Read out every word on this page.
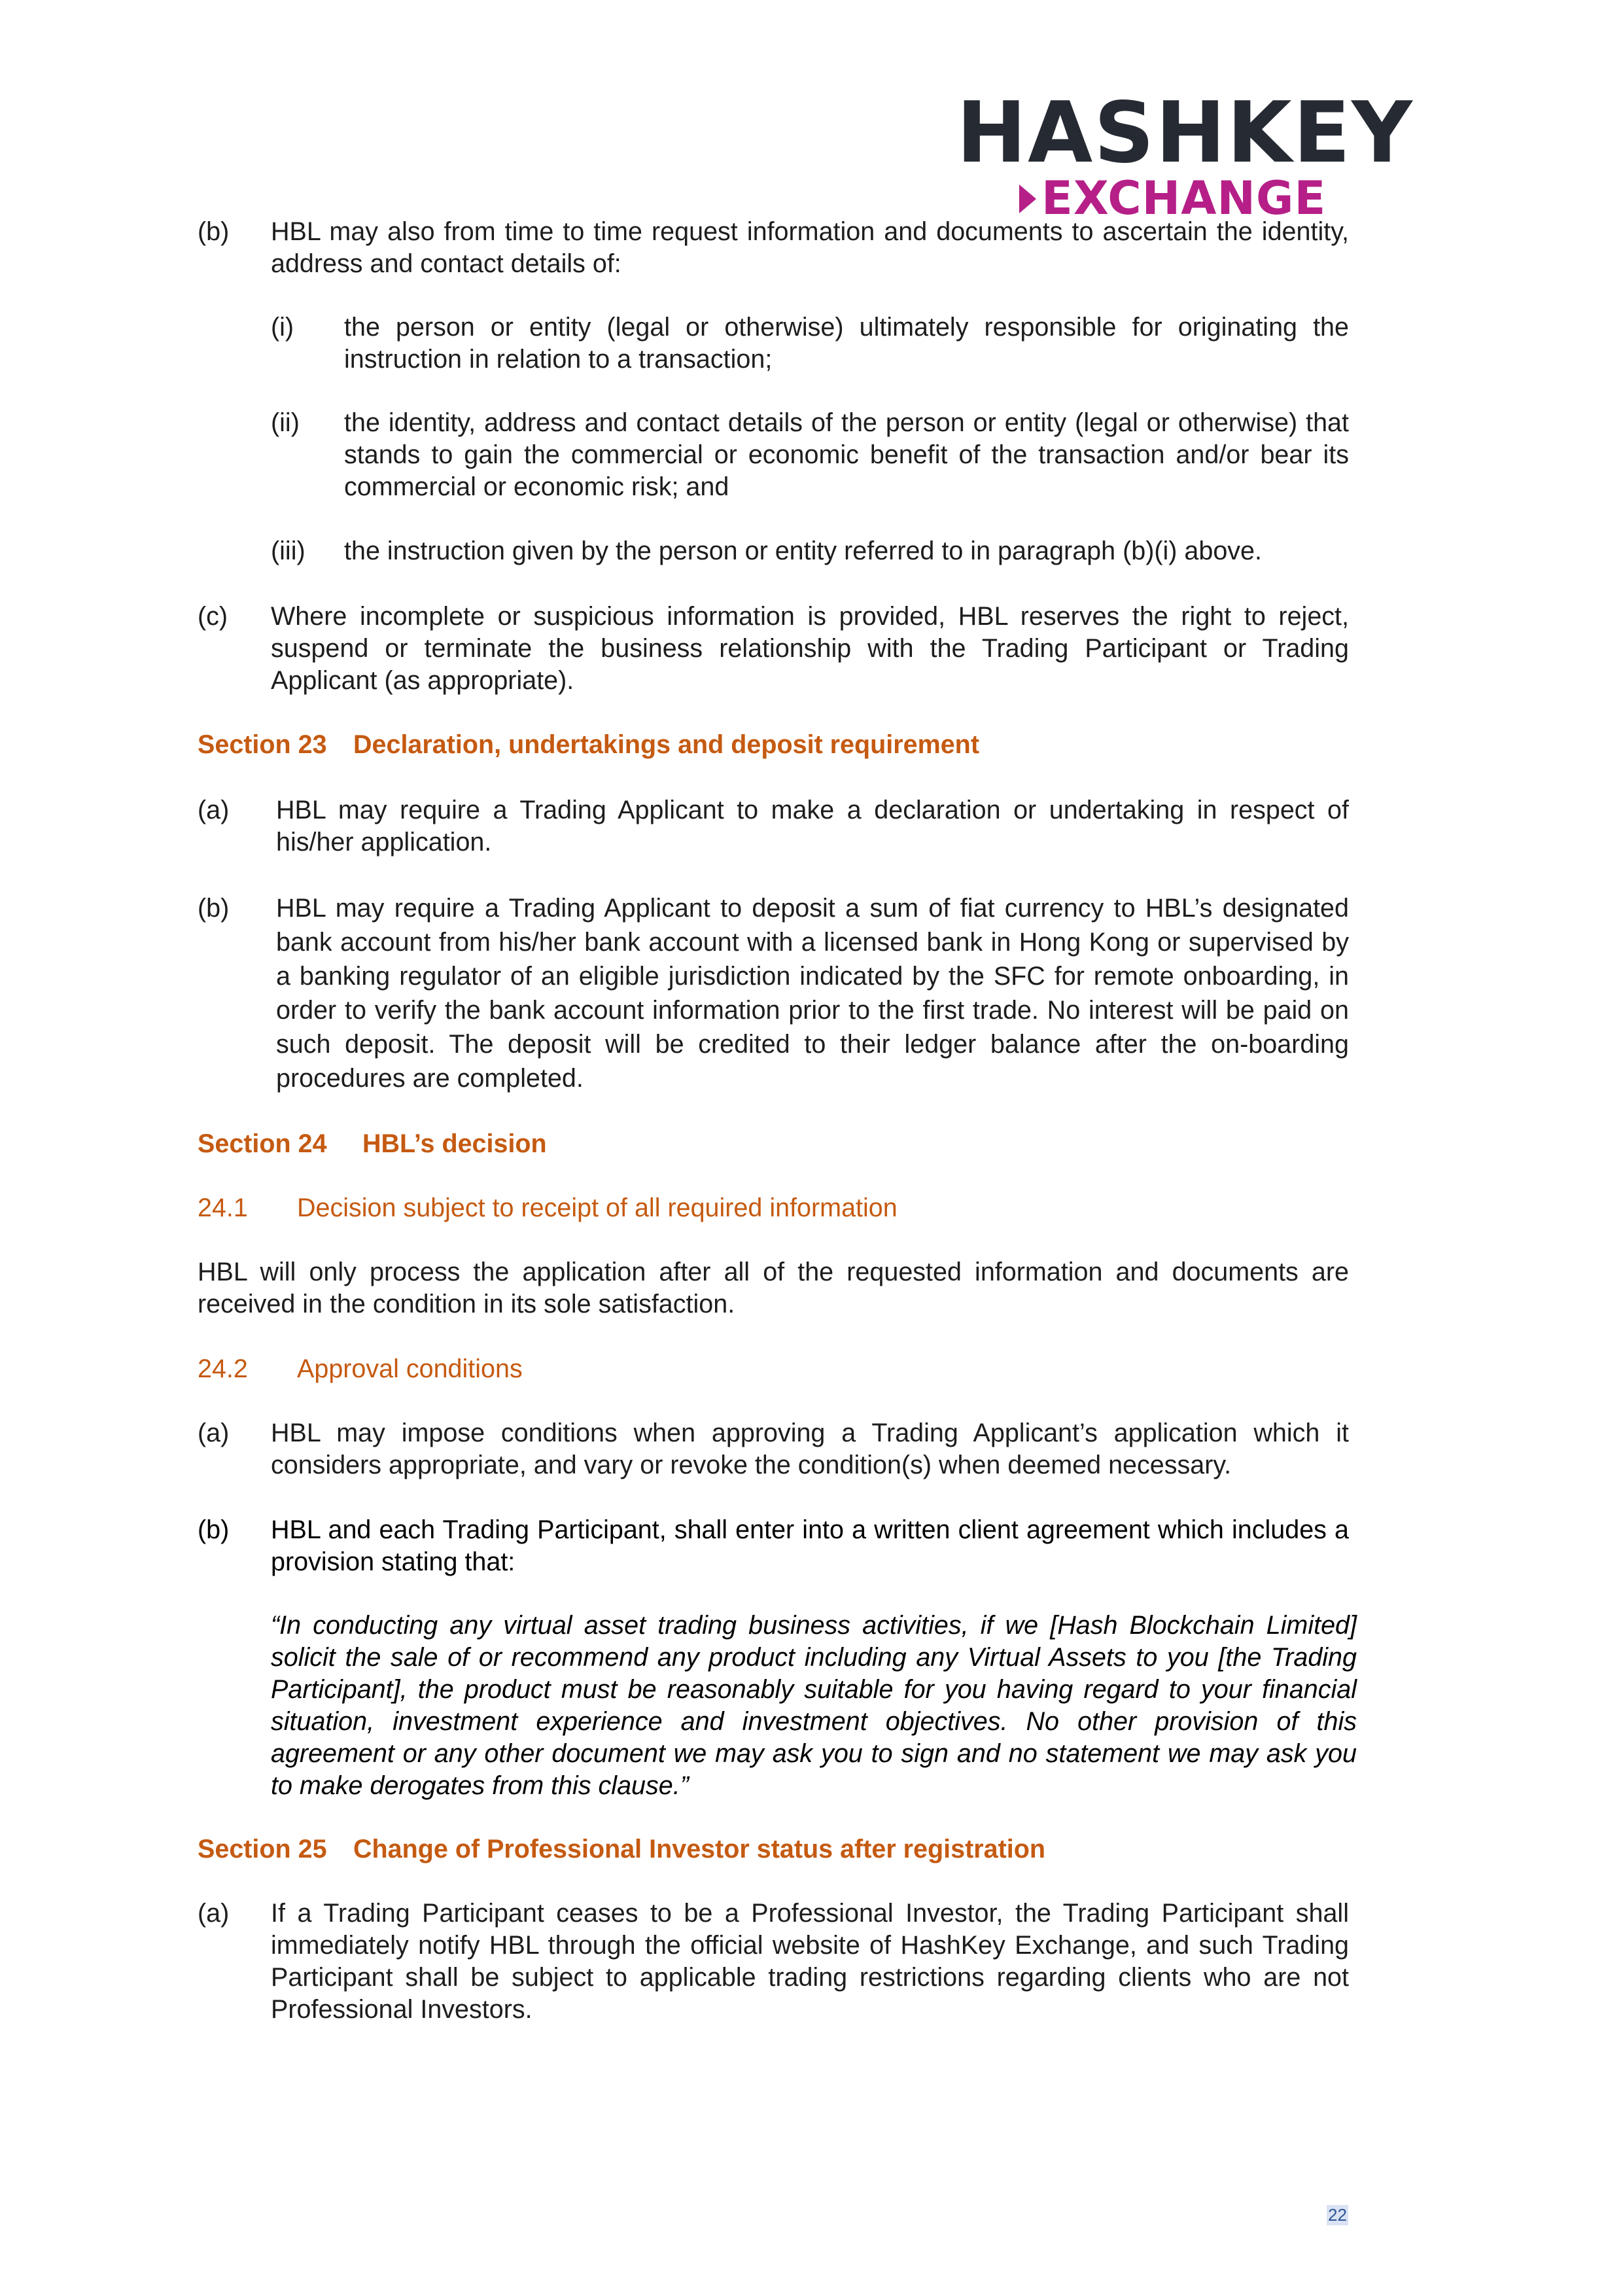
HASHKEY
EXCHANGE
(b) HBL may also from time to time request information and documents to ascertain the identity, address and contact details of:
(i) the person or entity (legal or otherwise) ultimately responsible for originating the instruction in relation to a transaction;
(ii) the identity, address and contact details of the person or entity (legal or otherwise) that stands to gain the commercial or economic benefit of the transaction and/or bear its commercial or economic risk; and
(iii) the instruction given by the person or entity referred to in paragraph (b)(i) above.
(c) Where incomplete or suspicious information is provided, HBL reserves the right to reject, suspend or terminate the business relationship with the Trading Participant or Trading Applicant (as appropriate).
Section 23 Declaration, undertakings and deposit requirement
(a) HBL may require a Trading Applicant to make a declaration or undertaking in respect of his/her application.
(b) HBL may require a Trading Applicant to deposit a sum of fiat currency to HBL’s designated bank account from his/her bank account with a licensed bank in Hong Kong or supervised by a banking regulator of an eligible jurisdiction indicated by the SFC for remote onboarding, in order to verify the bank account information prior to the first trade. No interest will be paid on such deposit. The deposit will be credited to their ledger balance after the on-boarding procedures are completed.
Section 24 HBL’s decision
24.1 Decision subject to receipt of all required information
HBL will only process the application after all of the requested information and documents are received in the condition in its sole satisfaction.
24.2 Approval conditions
(a) HBL may impose conditions when approving a Trading Applicant’s application which it considers appropriate, and vary or revoke the condition(s) when deemed necessary.
(b) HBL and each Trading Participant, shall enter into a written client agreement which includes a provision stating that:
“In conducting any virtual asset trading business activities, if we [Hash Blockchain Limited] solicit the sale of or recommend any product including any Virtual Assets to you [the Trading Participant], the product must be reasonably suitable for you having regard to your financial situation, investment experience and investment objectives. No other provision of this agreement or any other document we may ask you to sign and no statement we may ask you to make derogates from this clause.”
Section 25 Change of Professional Investor status after registration
(a) If a Trading Participant ceases to be a Professional Investor, the Trading Participant shall immediately notify HBL through the official website of HashKey Exchange, and such Trading Participant shall be subject to applicable trading restrictions regarding clients who are not Professional Investors.
22
